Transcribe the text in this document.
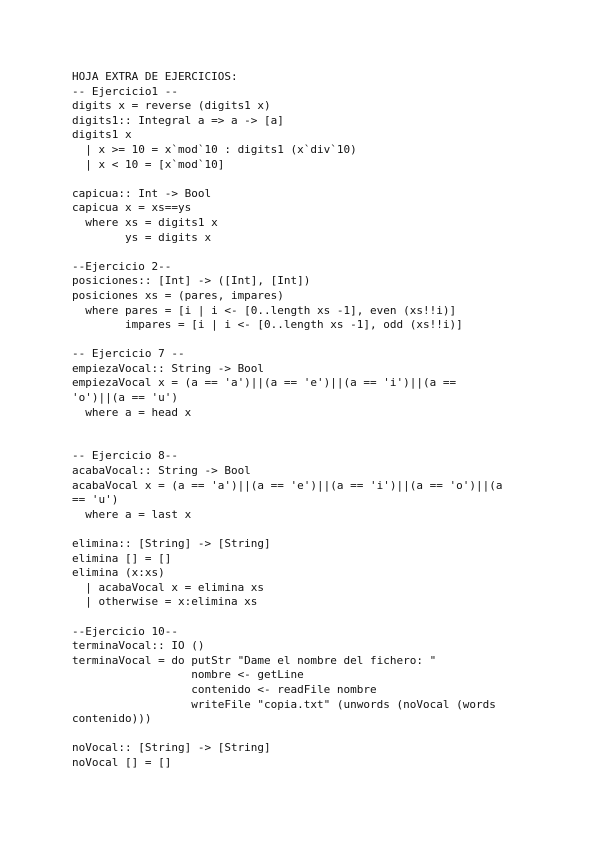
HOJA EXTRA DE EJERCICIOS:
-- Ejercicio1 --
digits x = reverse (digits1 x)
digits1:: Integral a => a -> [a]
digits1 x
| x >= 10 = x`mod`10 : digits1 (x`div`10)
| x < 10 = [x`mod`10]
capicua:: Int -> Bool
capicua x = xs==ys
where xs = digits1 x
ys = digits x
--Ejercicio 2--
posiciones:: [Int] -> ([Int], [Int])
posiciones xs = (pares, impares)
where pares = [i | i <- [0..length xs -1], even (xs!!i)]
impares = [i | i <- [0..length xs -1], odd (xs!!i)]
-- Ejercicio 7 --
empiezaVocal:: String -> Bool
empiezaVocal x = (a == 'a')||(a == 'e')||(a == 'i')||(a ==
'o')||(a == 'u')
where a = head x
-- Ejercicio 8--
acabaVocal:: String -> Bool
acabaVocal x = (a == 'a')||(a == 'e')||(a == 'i')||(a == 'o')||(a
== 'u')
where a = last x
elimina:: [String] -> [String]
elimina [] = []
elimina (x:xs)
| acabaVocal x = elimina xs
| otherwise = x:elimina xs
--Ejercicio 10--
terminaVocal:: IO ()
terminaVocal = do putStr "Dame el nombre del fichero: "
nombre <- getLine
contenido <- readFile nombre
writeFile "copia.txt" (unwords (noVocal (words
contenido)))
noVocal:: [String] -> [String]
noVocal [] = []
